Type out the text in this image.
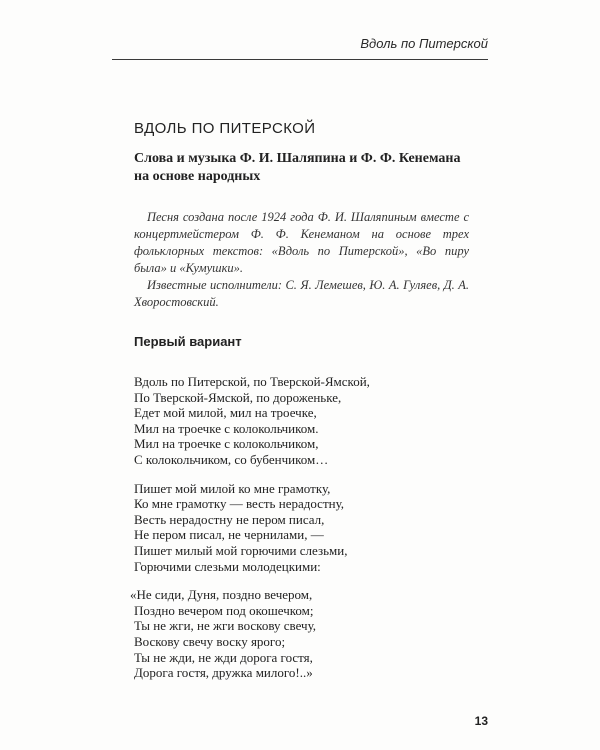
Вдоль по Питерской
ВДОЛЬ ПО ПИТЕРСКОЙ
Слова и музыка Ф. И. Шаляпина и Ф. Ф. Кенемана на основе народных

Песня создана после 1924 года Ф. И. Шаляпиным вместе с концертмейстером Ф. Ф. Кенеманом на основе трех фольклорных текстов: «Вдоль по Питерской», «Во пиру была» и «Кумушки».

Известные исполнители: С. Я. Лемешев, Ю. А. Гуляев, Д. А. Хворостовский.

Первый вариант
Вдоль по Питерской, по Тверской-Ямской,
По Тверской-Ямской, по дороженьке,
Едет мой милой, мил на троечке,
Мил на троечке с колокольчиком.
Мил на троечке с колокольчиком,
С колокольчиком, со бубенчиком…
Пишет мой милой ко мне грамотку,
Ко мне грамотку — весть нерадостну,
Весть нерадостну не пером писал,
Не пером писал, не чернилами, —
Пишет милый мой горючими слезьми,
Горючими слезьми молодецкими:
«Не сиди, Дуня, поздно вечером,
Поздно вечером под окошечком;
Ты не жги, не жги воскову свечу,
Воскову свечу воску ярого;
Ты не жди, не жди дорога гостя,
Дорога гостя, дружка милого!..»
13
